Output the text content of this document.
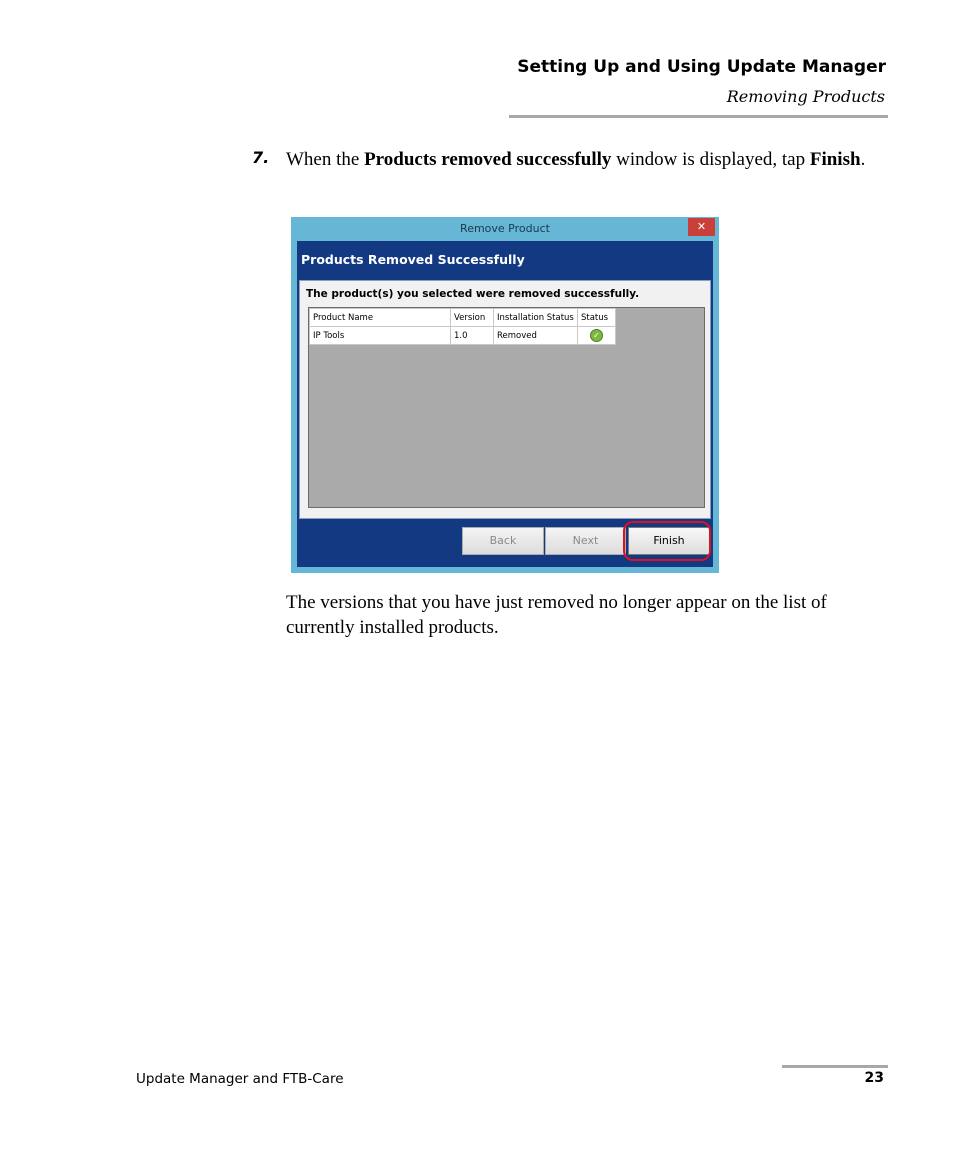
Setting Up and Using Update Manager
Removing Products
7. When the Products removed successfully window is displayed, tap Finish.
Remove Product	✕
Products Removed Successfully
The product(s) you selected were removed successfully.
Product Name	Version	Installation Status	Status
IP Tools	1.0	Removed	✓
Back	Next	Finish
The versions that you have just removed no longer appear on the list of currently installed products.
Update Manager and FTB-Care	23
